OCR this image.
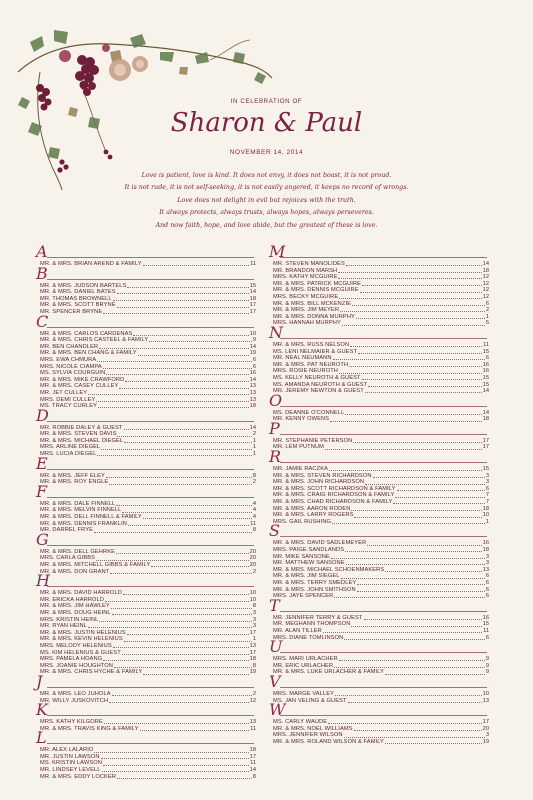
IN CELEBRATION OF
Sharon & Paul
NOVEMBER 14, 2014
Love is patient, love is kind. It does not envy, it does not boast, it is not proud.
It is not rude, it is not self-seeking, it is not easily angered, it keeps no record of wrongs.
Love does not delight in evil but rejoices with the truth.
It always protects, always trusts, always hopes, always perseveres.
And now faith, hope, and love abide, but the greatest of these is love.
A
MR. & MRS. BRIAN AREND & FAMILY	11
B
MR. & MRS. JUDSON BARTELS	15
MR. & MRS. DANIEL BATES	14
MR. THOMAS BROWNELL	18
MR. & MRS. SCOTT BRYNE	17
MR. SPENCER BRYNE	17
C
MR. & MRS. CARLOS CARDENAS	10
MR. & MRS. CHRIS CASTEEL & FAMILY	9
MR. BEN CHANDLER	14
MR. & MRS. BEN CHANG & FAMILY	19
MRS. EWA CHMURA	6
MRS. NICOLE CIAMPA	6
MS. SYLVIA COURGUIN	16
MR. & MRS. MIKE CRAWFORD	14
MR. & MRS. CASEY CULLEY	13
MR. JET CULLEY	13
MRS. DEMI CULLEY	13
MS. TRACY CURLEY	18
D
MR. ROBBIE DALEY & GUEST	14
MR. & MRS. STEVEN DAVIS	2
MR. & MRS. MICHAEL DIEGEL	1
MRS. ARLINE DIEGEL	1
MRS. LUCIA DIEGEL	1
E
MR. & MRS. JEFF ELEY	8
MR. & MRS. ROY ENGLE	2
F
MR. & MRS. DALE FINNELL	4
MR. & MRS. MELVIN FINNELL	4
MR. & MRS. DELL FINNELL & FAMILY	4
MR. & MRS. DENNIS FRANKLIN	11
MR. DARREL FRYE	8
G
MR. & MRS. DELL GEHRKE	20
MRS. CARLA GIBBS	20
MR. & MRS. MITCHELL GIBBS & FAMILY	20
MR. & MRS. DON GRANT	2
H
MR. & MRS. DAVID HARROLD	10
MR. ERICKA HARROLD	10
MR. & MRS. JIM HAWLEY	8
MR. & MRS. DOUG HEINL	3
MRS. KRISTIN HEINL	3
MR. RYAN HEINL	3
MR. & MRS. JUSTIN HELENIUS	17
MR. & MRS. KEVIN HELENIUS	1
MRS. MELODY HELENIUS	13
MS. KIM HELENIUS & GUEST	17
MRS. PAMELA HOANG	18
MRS. JOANIE HOUGHTON	8
MR. & MRS. CHRIS HYCHE & FAMILY	19
J
MR. & MRS. LEO JUHOLA	2
MR. WILLY JUSKOVITCH	12
K
MRS. KATHY KILGORE	13
MR. & MRS. TRAVIS KING & FAMILY	11
L
MR. ALEX LALARIO	18
MR. JUSTIN LAWSON	17
MS. KRISTIN LAWSON	11
MR. LINDSEY LEVELL	14
MR. & MRS. EDDY LOCKER	8
M
MR. STEVEN MANOLIDES	14
MR. BRANDON MARSH	18
MRS. KATHY MCGUIRE	12
MR. & MRS. PATRICK MCGUIRE	12
MR. & MRS. DENNIS MCGUIRE	12
MRS. BECKY MCGUIRE	12
MR. & MRS. BILL MCKENZIE	6
MR. & MRS. JIM MEYER	2
MR. & MRS. DONNA MURPHY	1
MRS. HANNAH MURPHY	5
N
MR. & MRS. RUSS NELSON	11
MS. LENI NELMAIER & GUEST	15
MR. NEAL NEUMANN	6
MR. & MRS. PAT NEUROTH	16
MRS. ROSIE NEUROTH	16
MS. KELLY NEUROTH & GUEST	15
MS. AMANDA NEUROTH & GUEST	15
MR. JEREMY NEWTON & GUEST	14
O
MS. DEANNE O'CONNELL	14
MR. KENNY OWENS	18
P
MR. STEPHANIE PETERSON	17
MR. LEM PUTNUM	17
R
MR. JAMIE RACZKA	15
MR. & MRS. STEVEN RICHARDSON	3
MR. & MRS. JOHN RICHARDSON	3
MR. & MRS. SCOTT RICHARDSON & FAMILY	6
MR. & MRS. CRAIG RICHARDSON & FAMILY	7
MR. & MRS. CHAD RICHARDSON & FAMILY	7
MR. & MRS. AARON RODEN	18
MR. & MRS. LARRY ROGERS	10
MRS. GAIL RUSHING	1
S
MR. & MRS. DAVID SADLEMEYER	16
MRS. PAIGE SANDLANDS	18
MR. MIKE SANSONE	3
MR. MATTHEW SANSONE	3
MR. & MRS. MICHAEL SCHOENMAKERS	13
MR. & MRS. JIM SIEGEL	6
MR. & MRS. TERRY SMEDLEY	6
MR. & MRS. JOHN SMITHSON	6
MRS. JAYE SPENCER	6
T
MR. JENNIFER TERRY & GUEST	16
MR. MEGHANN THOMPSON	15
MR. ALAN TILLER	11
MRS. DIANE TOMLINSON	6
U
MRS. MARI URLACHER	9
MR. ERIC URLACHER	9
MR. & MRS. LUKE URLACHER & FAMILY	9
V
MRS. MARGE VALLEY	10
MS. JAN VELING & GUEST	13
W
MS. CARLY WAUDE	17
MR. & MRS. NOEL WILLIAMS	20
MRS. JENNIFER WILSON	3
MR. & MRS. ROLAND WILSON & FAMILY	19
